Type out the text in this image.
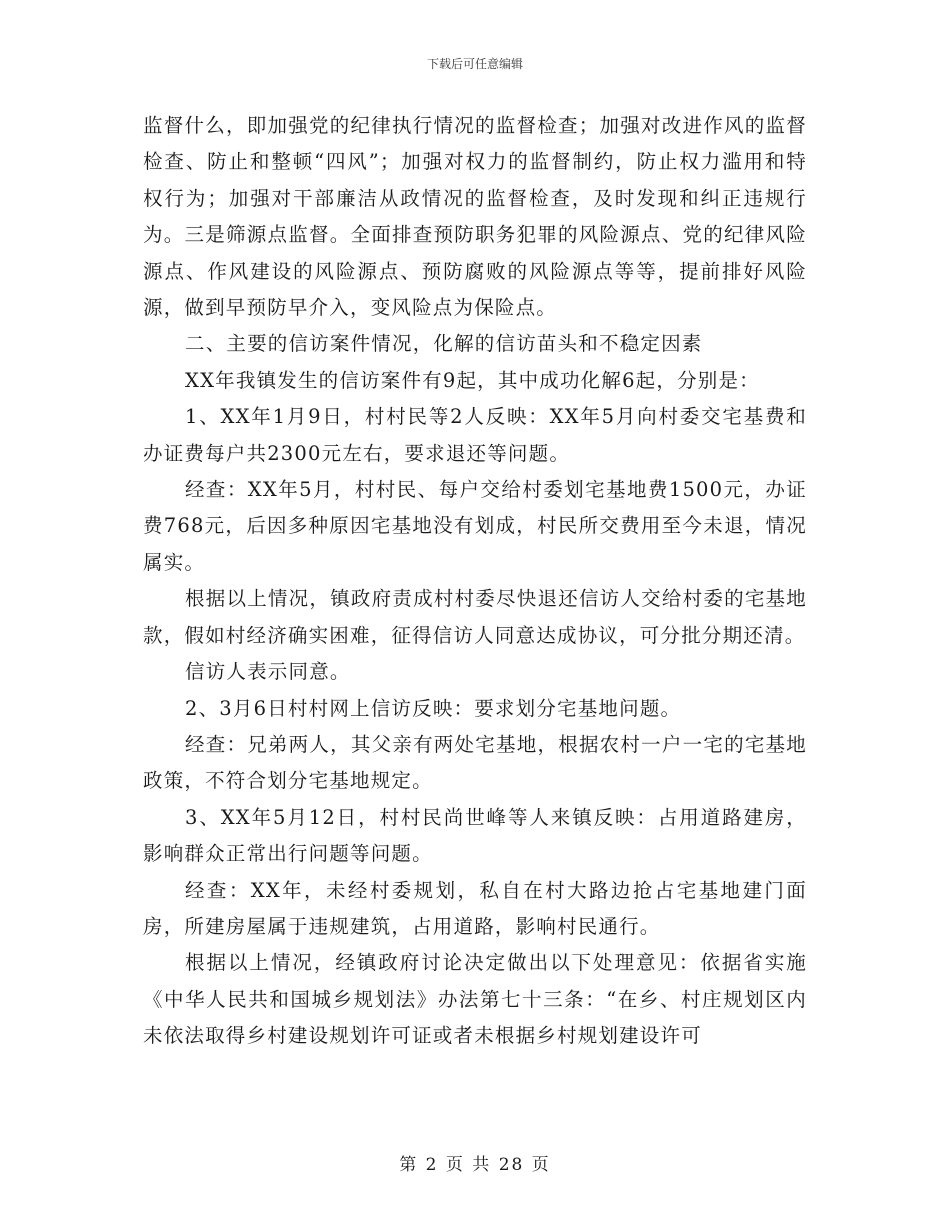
下载后可任意编辑

监督什么，即加强党的纪律执行情况的监督检查；加强对改进作风的监督检查、防止和整顿“四风”；加强对权力的监督制约，防止权力滥用和特权行为；加强对干部廉洁从政情况的监督检查，及时发现和纠正违规行为。三是筛源点监督。全面排查预防职务犯罪的风险源点、党的纪律风险源点、作风建设的风险源点、预防腐败的风险源点等等，提前排好风险源，做到早预防早介入，变风险点为保险点。

二、主要的信访案件情况，化解的信访苗头和不稳定因素

XX年我镇发生的信访案件有9起，其中成功化解6起，分别是：

1、XX年1月9日，村村民等2人反映：XX年5月向村委交宅基费和办证费每户共2300元左右，要求退还等问题。

经查：XX年5月，村村民、每户交给村委划宅基地费1500元，办证费768元，后因多种原因宅基地没有划成，村民所交费用至今未退，情况属实。

根据以上情况，镇政府责成村村委尽快退还信访人交给村委的宅基地款，假如村经济确实困难，征得信访人同意达成协议，可分批分期还清。

信访人表示同意。

2、3月6日村村网上信访反映：要求划分宅基地问题。

经查：兄弟两人，其父亲有两处宅基地，根据农村一户一宅的宅基地政策，不符合划分宅基地规定。

3、XX年5月12日，村村民尚世峰等人来镇反映：占用道路建房，影响群众正常出行问题等问题。

经查：XX年，未经村委规划，私自在村大路边抢占宅基地建门面房，所建房屋属于违规建筑，占用道路，影响村民通行。

根据以上情况，经镇政府讨论决定做出以下处理意见：依据省实施《中华人民共和国城乡规划法》办法第七十三条：“在乡、村庄规划区内未依法取得乡村建设规划许可证或者未根据乡村规划建设许可

第 2 页 共 28 页
